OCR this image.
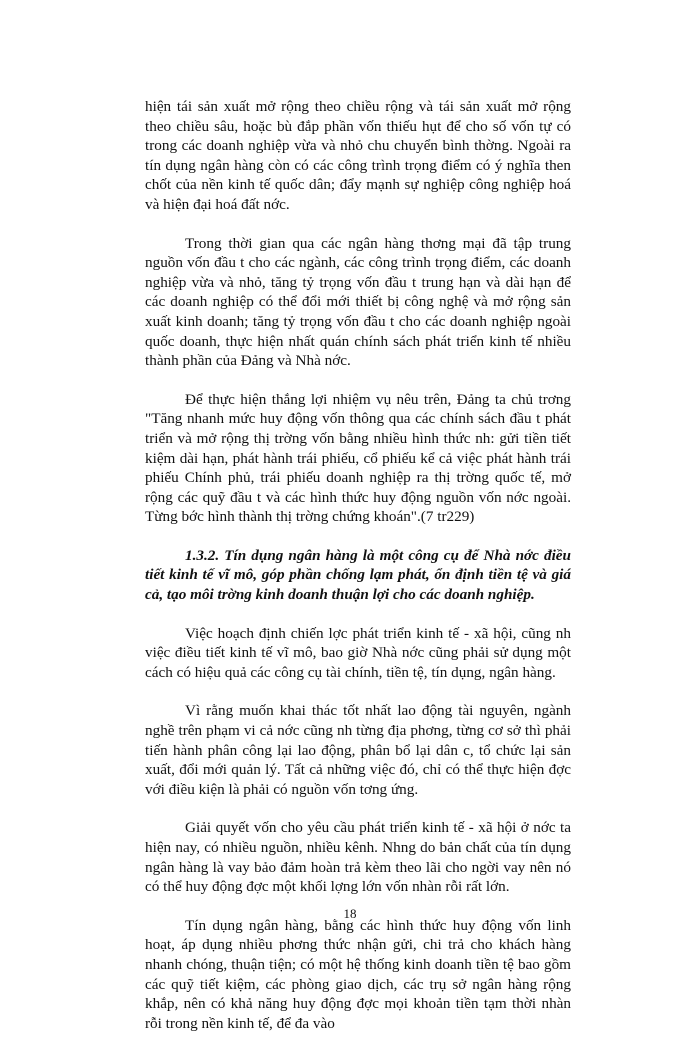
hiện tái sản xuất mở rộng theo chiều rộng và tái sản xuất mở rộng theo chiều sâu, hoặc bù đắp phần vốn thiếu hụt để cho số vốn tự có trong các doanh nghiệp vừa và nhỏ chu chuyển bình thờng. Ngoài ra tín dụng ngân hàng còn có các công trình trọng điểm có ý nghĩa then chốt của nền kinh tế quốc dân; đẩy mạnh sự nghiệp công nghiệp hoá và hiện đại hoá đất nớc.

Trong thời gian qua các ngân hàng thơng mại đã tập trung nguồn vốn đầu t cho các ngành, các công trình trọng điểm, các doanh nghiệp vừa và nhỏ, tăng tỷ trọng vốn đầu t trung hạn và dài hạn để các doanh nghiệp có thể đổi mới thiết bị công nghệ và mở rộng sản xuất kinh doanh; tăng tỷ trọng vốn đầu t cho các doanh nghiệp ngoài quốc doanh, thực hiện nhất quán chính sách phát triển kinh tế nhiều thành phần của Đảng và Nhà nớc.

Để thực hiện thắng lợi nhiệm vụ nêu trên, Đảng ta chủ trơng "Tăng nhanh mức huy động vốn thông qua các chính sách đầu t phát triển và mở rộng thị trờng vốn bằng nhiều hình thức nh: gửi tiền tiết kiệm dài hạn, phát hành trái phiếu, cổ phiếu kể cả việc phát hành trái phiếu Chính phủ, trái phiếu doanh nghiệp ra thị trờng quốc tế, mở rộng các quỹ đầu t và các hình thức huy động nguồn vốn nớc ngoài. Từng bớc hình thành thị trờng chứng khoán".(7 tr229)

1.3.2. Tín dụng ngân hàng là một công cụ để Nhà nớc điều tiết kinh tế vĩ mô, góp phần chống lạm phát, ổn định tiền tệ và giá cả, tạo môi trờng kinh doanh thuận lợi cho các doanh nghiệp.

Việc hoạch định chiến lợc phát triển kinh tế - xã hội, cũng nh việc điều tiết kinh tế vĩ mô, bao giờ Nhà nớc cũng phải sử dụng một cách có hiệu quả các công cụ tài chính, tiền tệ, tín dụng, ngân hàng.

Vì rằng muốn khai thác tốt nhất lao động tài nguyên, ngành nghề trên phạm vi cả nớc cũng nh từng địa phơng, từng cơ sở thì phải tiến hành phân công lại lao động, phân bổ lại dân c, tổ chức lại sản xuất, đổi mới quản lý. Tất cả những việc đó, chỉ có thể thực hiện đợc với điều kiện là phải có nguồn vốn tơng ứng.

Giải quyết vốn cho yêu cầu phát triển kinh tế - xã hội ở nớc ta hiện nay, có nhiều nguồn, nhiều kênh. Nhng do bản chất của tín dụng ngân hàng là vay bảo đảm hoàn trả kèm theo lãi cho ngời vay nên nó có thể huy động đợc một khối lợng lớn vốn nhàn rỗi rất lớn.

Tín dụng ngân hàng, bằng các hình thức huy động vốn linh hoạt, áp dụng nhiều phơng thức nhận gửi, chi trả cho khách hàng nhanh chóng, thuận tiện; có một hệ thống kinh doanh tiền tệ bao gồm các quỹ tiết kiệm, các phòng giao dịch, các trụ sở ngân hàng rộng khắp, nên có khả năng huy động đợc mọi khoản tiền tạm thời nhàn rỗi trong nền kinh tế, để đa vào

18
